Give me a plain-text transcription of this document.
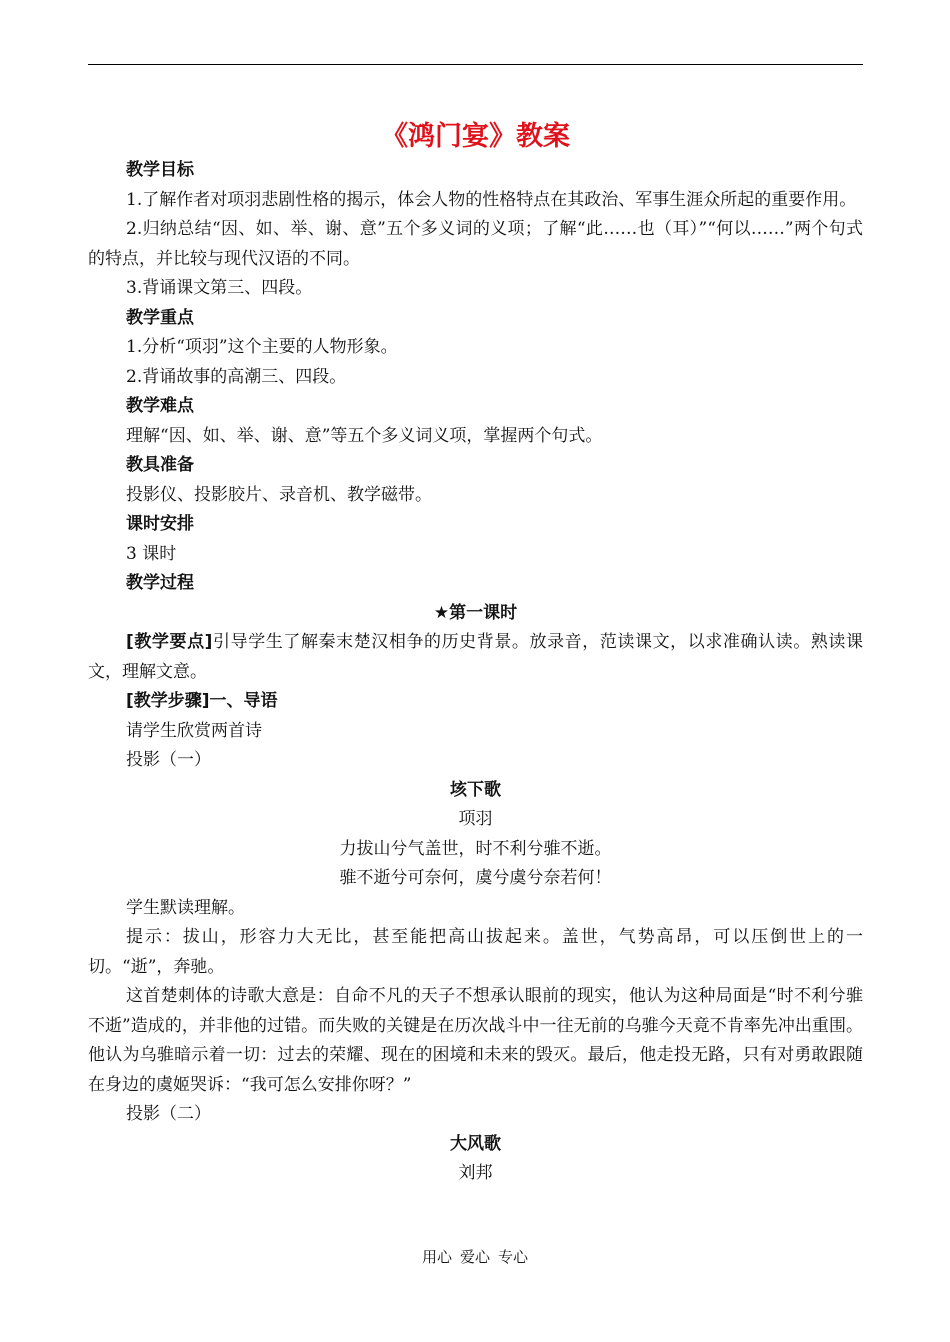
《鸿门宴》教案

教学目标

1.了解作者对项羽悲剧性格的揭示，体会人物的性格特点在其政治、军事生涯众所起的重要作用。

2.归纳总结“因、如、举、谢、意”五个多义词的义项；了解“此……也（耳）”“何以……”两个句式的特点，并比较与现代汉语的不同。

3.背诵课文第三、四段。

教学重点

1.分析“项羽”这个主要的人物形象。

2.背诵故事的高潮三、四段。

教学难点

理解“因、如、举、谢、意”等五个多义词义项，掌握两个句式。

教具准备

投影仪、投影胶片、录音机、教学磁带。

课时安排

3 课时

教学过程

★第一课时

[教学要点]引导学生了解秦末楚汉相争的历史背景。放录音，范读课文，以求准确认读。熟读课文，理解文意。

[教学步骤]一、导语

请学生欣赏两首诗

投影（一）

垓下歌

项羽

力拔山兮气盖世，时不利兮骓不逝。

骓不逝兮可奈何，虞兮虞兮奈若何！

学生默读理解。

提示：拔山，形容力大无比，甚至能把高山拔起来。盖世，气势高昂，可以压倒世上的一切。“逝”，奔驰。

这首楚刺体的诗歌大意是：自命不凡的天子不想承认眼前的现实，他认为这种局面是“时不利兮骓不逝”造成的，并非他的过错。而失败的关键是在历次战斗中一往无前的乌骓今天竟不肯率先冲出重围。他认为乌骓暗示着一切：过去的荣耀、现在的困境和未来的毁灭。最后，他走投无路，只有对勇敢跟随在身边的虞姬哭诉：“我可怎么安排你呀？”

投影（二）

大风歌

刘邦

用心 爱心 专心
